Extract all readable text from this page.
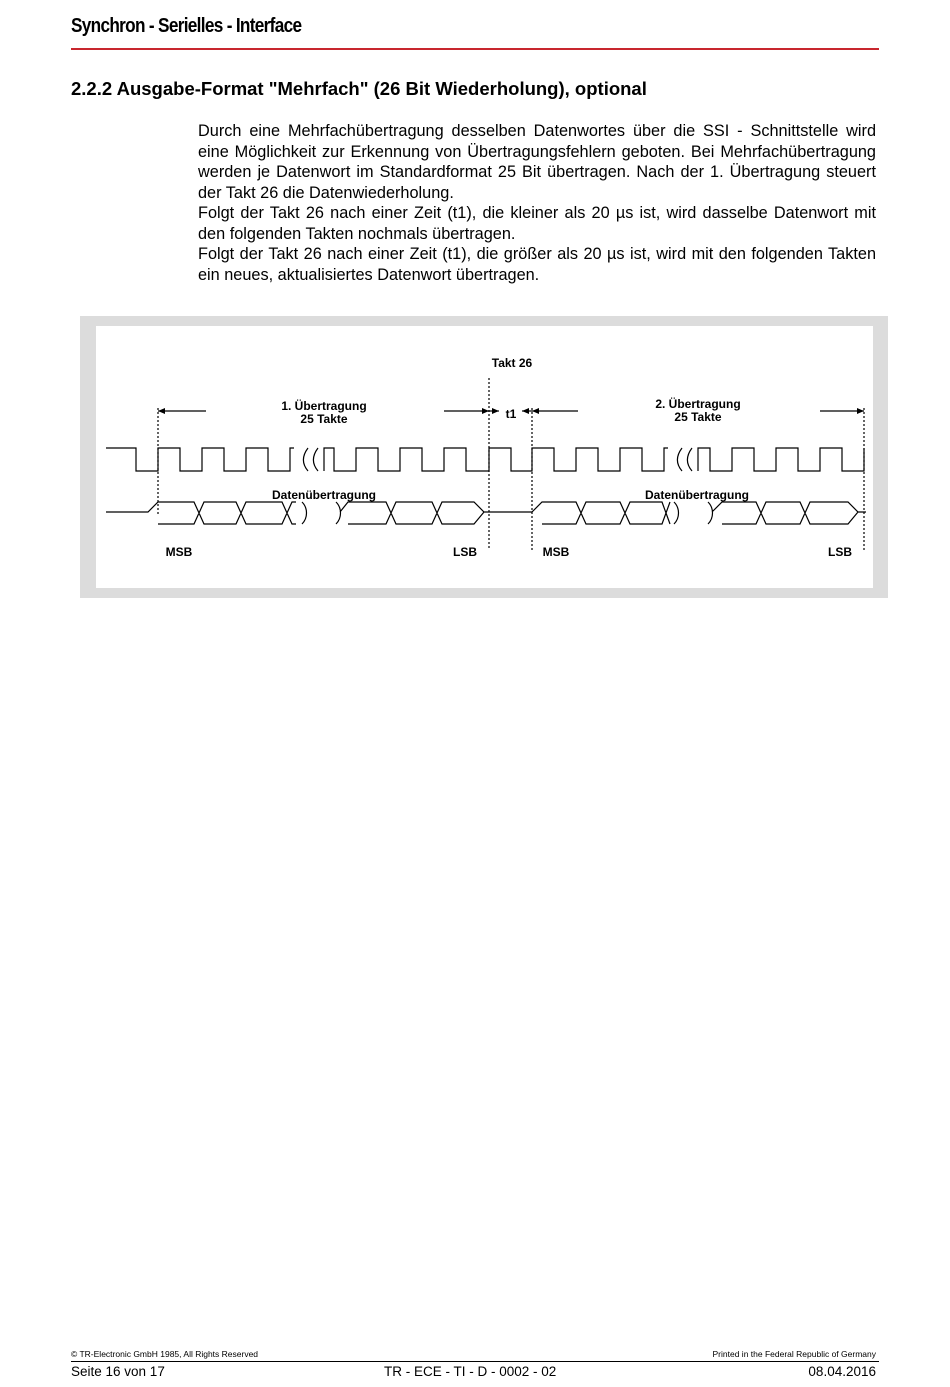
Synchron - Serielles - Interface
2.2.2 Ausgabe-Format "Mehrfach" (26 Bit Wiederholung), optional

Durch eine Mehrfachübertragung desselben Datenwortes über die SSI - Schnittstelle wird eine Möglichkeit zur Erkennung von Übertragungsfehlern geboten. Bei Mehrfachübertragung werden je Datenwort im Standardformat 25 Bit übertragen. Nach der 1. Übertragung steuert der Takt 26 die Datenwiederholung.

Folgt der Takt 26 nach einer Zeit (t1), die kleiner als 20 µs ist, wird dasselbe Datenwort mit den folgenden Takten nochmals übertragen.

Folgt der Takt 26 nach einer Zeit (t1), die größer als 20 µs ist, wird mit den folgenden Takten ein neues, aktualisiertes Datenwort übertragen.

Takt 26
t1
1. Übertragung
25 Takte
2. Übertragung
25 Takte
Datenübertragung	Datenübertragung
MSB	LSB	MSB	LSB
© TR-Electronic GmbH 1985, All Rights Reserved	Printed in the Federal Republic of Germany
Seite 16 von 17	TR - ECE - TI - D - 0002 - 02	08.04.2016
